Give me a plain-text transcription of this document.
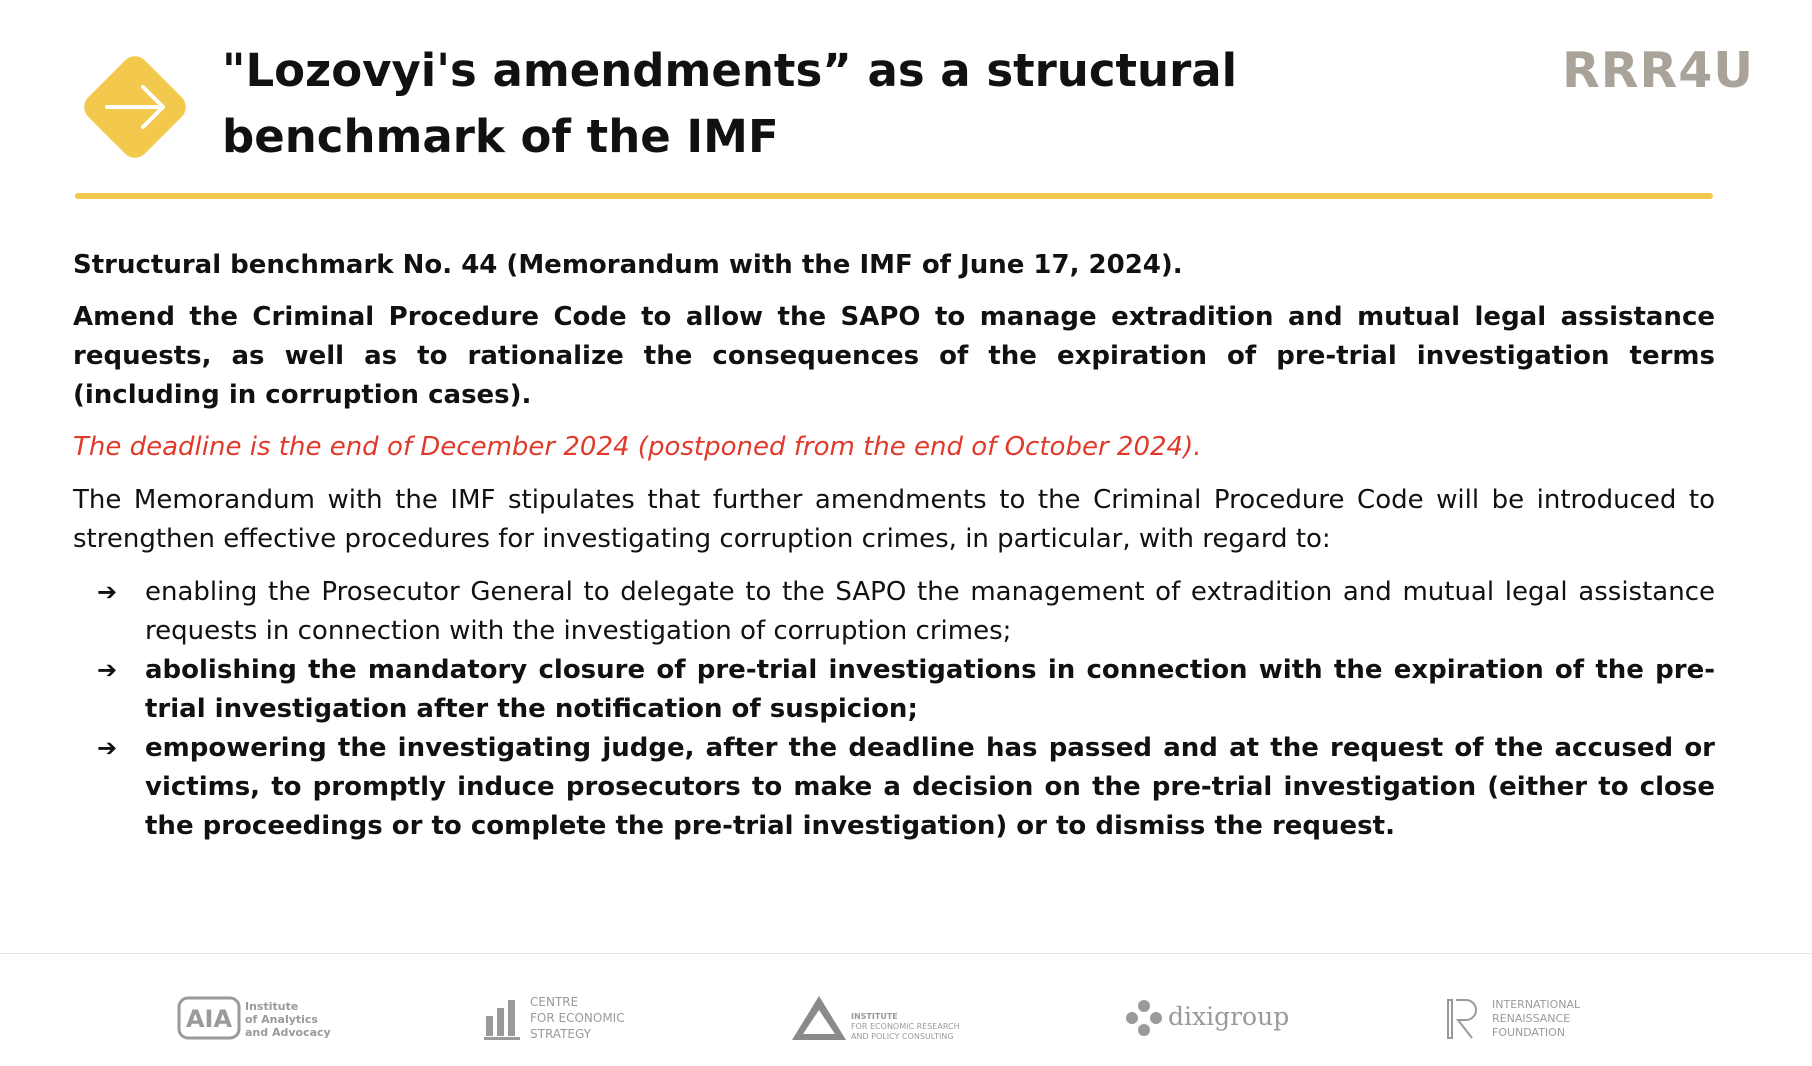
"Lozovyi's amendments” as a structural benchmark of the IMF
RRR4U

Structural benchmark No. 44 (Memorandum with the IMF of June 17, 2024).

Amend the Criminal Procedure Code to allow the SAPO to manage extradition and mutual legal assistance requests, as well as to rationalize the consequences of the expiration of pre-trial investigation terms (including in corruption cases).

The deadline is the end of December 2024 (postponed from the end of October 2024).

The Memorandum with the IMF stipulates that further amendments to the Criminal Procedure Code will be introduced to strengthen effective procedures for investigating corruption crimes, in particular, with regard to:

➔ enabling the Prosecutor General to delegate to the SAPO the management of extradition and mutual legal assistance requests in connection with the investigation of corruption crimes;

➔ abolishing the mandatory closure of pre-trial investigations in connection with the expiration of the pre-trial investigation after the notification of suspicion;

➔ empowering the investigating judge, after the deadline has passed and at the request of the accused or victims, to promptly induce prosecutors to make a decision on the pre-trial investigation (either to close the proceedings or to complete the pre-trial investigation) or to dismiss the request.

AIA Institute
of Analytics
and Advocacy
CENTRE
FOR ECONOMIC
STRATEGY
INSTITUTE
FOR ECONOMIC RESEARCH
AND POLICY CONSULTING
dixigroup	INTERNATIONAL
RENAISSANCE
FOUNDATION
